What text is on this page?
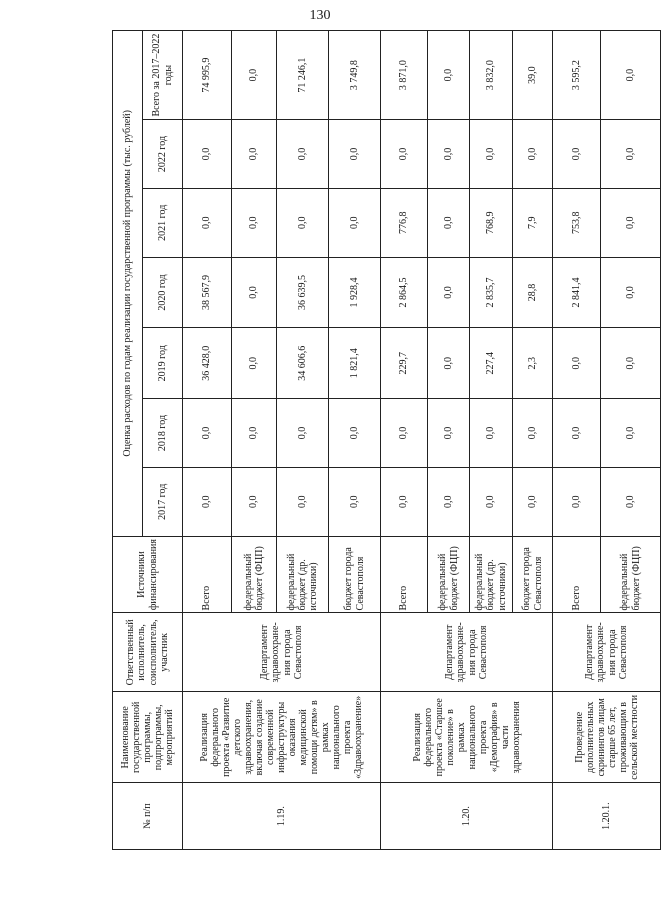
130
№ п/п	Наименование государственной программы, подпрограммы, мероприятий	Ответственный исполнитель, соисполнитель, участник	Источники финансирования	Оценка расходов по годам реализации государственной программы (тыс. рублей)						
				2017 год	2018 год	2019 год	2020 год	2021 год	2022 год	Всего за 2017–2022 годы
1.19.	Реализация федерального проекта «Развитие детского здравоохранения, включая создание современной инфраструктуры оказания медицинской помощи детям» в рамках национального проекта «Здравоохранение»	Департамент здравоохране-ния города Севастополя	Всего	0,0	0,0	36 428,0	38 567,9	0,0	0,0	74 995,9
			федеральный бюджет (ФЦП)	0,0	0,0	0,0	0,0	0,0	0,0	0,0
			федеральный бюджет (др. источники)	0,0	0,0	34 606,6	36 639,5	0,0	0,0	71 246,1
			бюджет города Севастополя	0,0	0,0	1 821,4	1 928,4	0,0	0,0	3 749,8
1.20.	Реализация федерального проекта «Старшее поколение» в рамках национального проекта «Демография» в части здравоохранения	Департамент здравоохране-ния города Севастополя	Всего	0,0	0,0	229,7	2 864,5	776,8	0,0	3 871,0
			федеральный бюджет (ФЦП)	0,0	0,0	0,0	0,0	0,0	0,0	0,0
			федеральный бюджет (др. источники)	0,0	0,0	227,4	2 835,7	768,9	0,0	3 832,0
			бюджет города Севастополя	0,0	0,0	2,3	28,8	7,9	0,0	39,0
1.20.1.	Проведение дополнительных скринингов лицам старше 65 лет, проживающим в сельской местности	Департамент здравоохране-ния города Севастополя	Всего	0,0	0,0	0,0	2 841,4	753,8	0,0	3 595,2
			федеральный бюджет (ФЦП)	0,0	0,0	0,0	0,0	0,0	0,0	0,0
